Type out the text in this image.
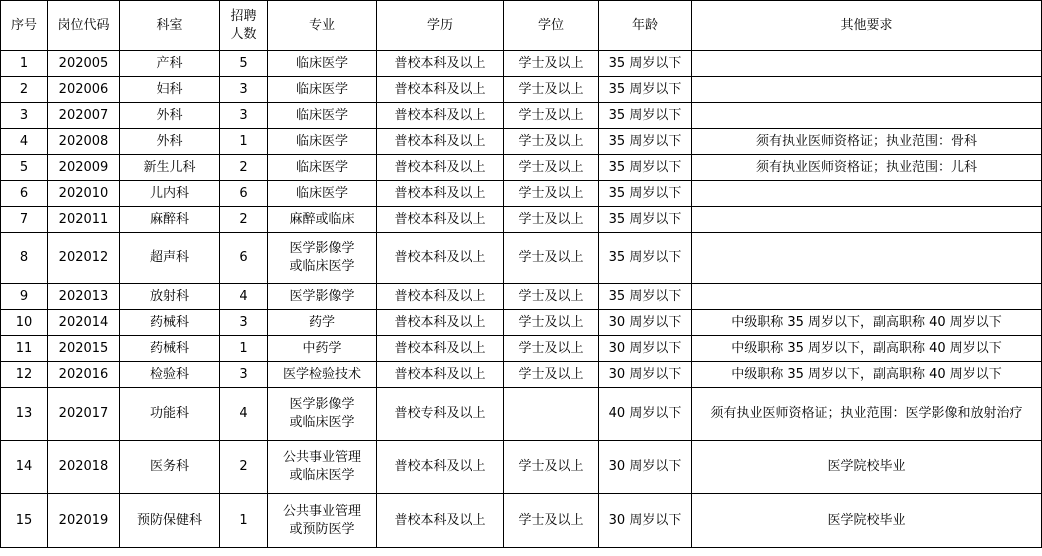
序号	岗位代码	科室	招聘
人数	专业	学历	学位	年龄	其他要求
1	202005	产科	5	临床医学	普校本科及以上	学士及以上	35 周岁以下	
2	202006	妇科	3	临床医学	普校本科及以上	学士及以上	35 周岁以下	
3	202007	外科	3	临床医学	普校本科及以上	学士及以上	35 周岁以下	
4	202008	外科	1	临床医学	普校本科及以上	学士及以上	35 周岁以下	须有执业医师资格证；执业范围：骨科
5	202009	新生儿科	2	临床医学	普校本科及以上	学士及以上	35 周岁以下	须有执业医师资格证；执业范围：儿科
6	202010	儿内科	6	临床医学	普校本科及以上	学士及以上	35 周岁以下	
7	202011	麻醉科	2	麻醉或临床	普校本科及以上	学士及以上	35 周岁以下	
8	202012	超声科	6	医学影像学
或临床医学	普校本科及以上	学士及以上	35 周岁以下	
9	202013	放射科	4	医学影像学	普校本科及以上	学士及以上	35 周岁以下	
10	202014	药械科	3	药学	普校本科及以上	学士及以上	30 周岁以下	中级职称 35 周岁以下，副高职称 40 周岁以下
11	202015	药械科	1	中药学	普校本科及以上	学士及以上	30 周岁以下	中级职称 35 周岁以下，副高职称 40 周岁以下
12	202016	检验科	3	医学检验技术	普校本科及以上	学士及以上	30 周岁以下	中级职称 35 周岁以下，副高职称 40 周岁以下
13	202017	功能科	4	医学影像学
或临床医学	普校专科及以上		40 周岁以下	须有执业医师资格证；执业范围：医学影像和放射治疗
14	202018	医务科	2	公共事业管理
或临床医学	普校本科及以上	学士及以上	30 周岁以下	医学院校毕业
15	202019	预防保健科	1	公共事业管理
或预防医学	普校本科及以上	学士及以上	30 周岁以下	医学院校毕业
